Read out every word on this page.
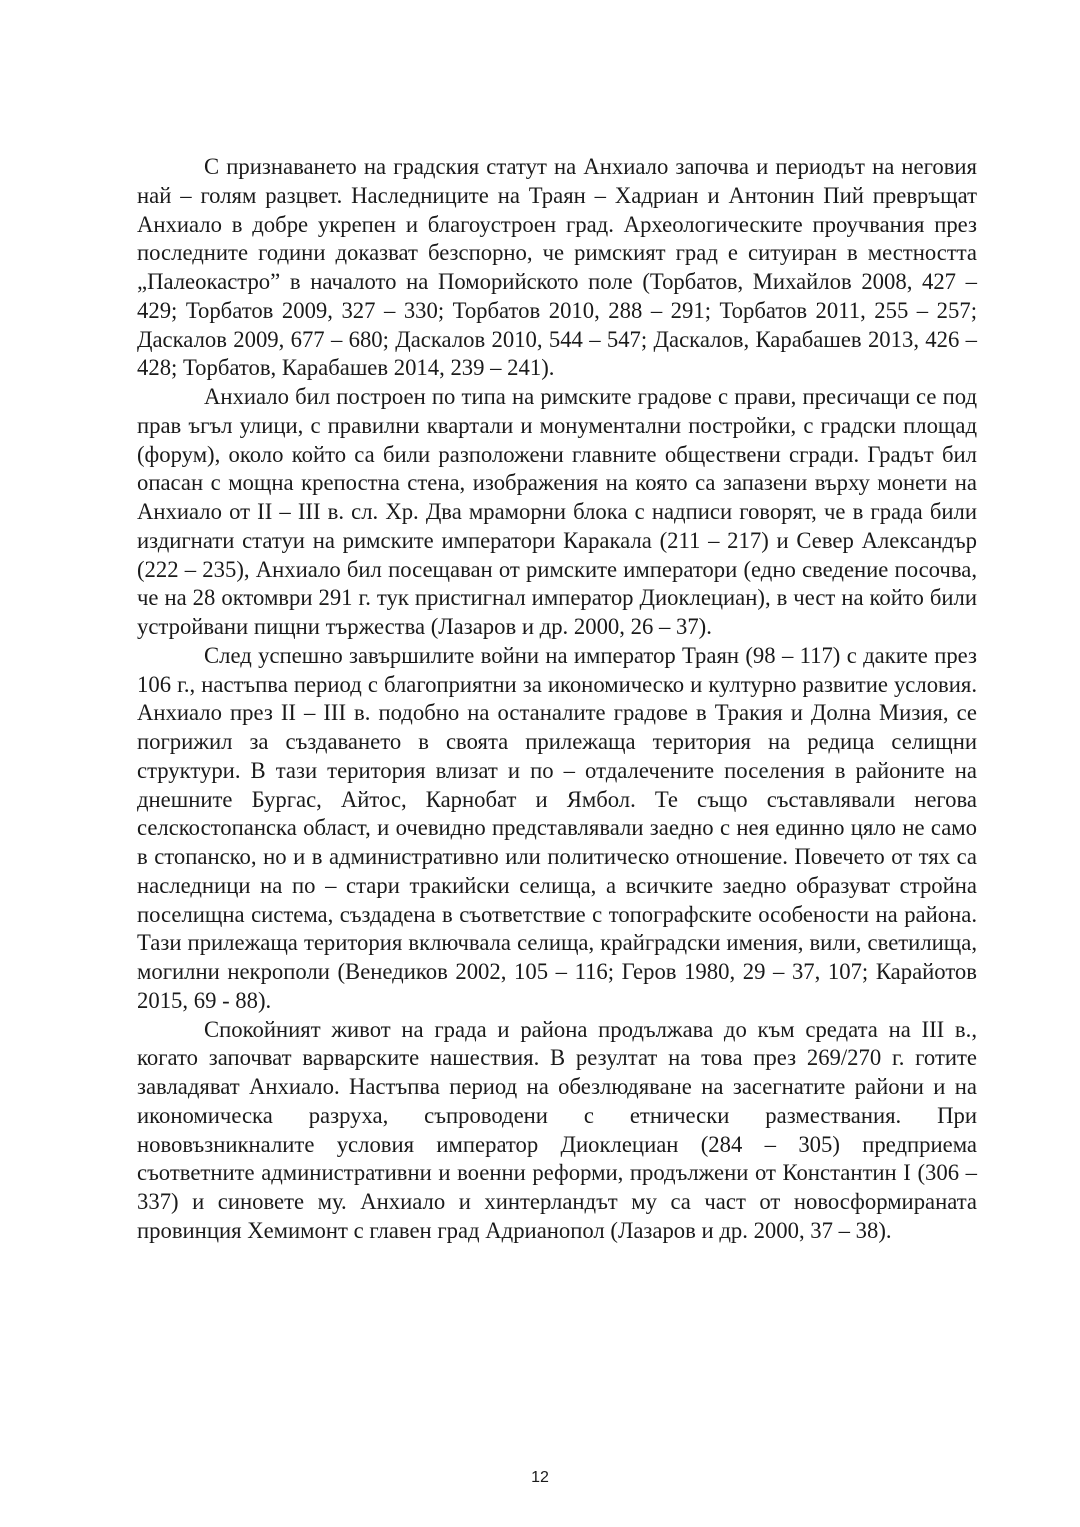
С признаването на градския статут на Анхиало започва и периодът на неговия най – голям разцвет. Наследниците на Траян – Хадриан и Антонин Пий превръщат Анхиало в добре укрепен и благоустроен град. Археологическите проучвания през последните години доказват безспорно, че римският град е ситуиран в местността „Палеокастро” в началото на Поморийското поле (Торбатов, Михайлов 2008, 427 – 429; Торбатов 2009, 327 – 330; Торбатов 2010, 288 – 291; Торбатов 2011, 255 – 257; Даскалов 2009, 677 – 680; Даскалов 2010, 544 – 547; Даскалов, Карабашев 2013, 426 – 428; Торбатов, Карабашев 2014, 239 – 241).

Анхиало бил построен по типа на римските градове с прави, пресичащи се под прав ъгъл улици, с правилни квартали и монументални постройки, с градски площад (форум), около който са били разположени главните обществени сгради. Градът бил опасан с мощна крепостна стена, изображения на която са запазени върху монети на Анхиало от II – III в. сл. Хр. Два мраморни блока с надписи говорят, че в града били издигнати статуи на римските императори Каракала (211 – 217) и Север Александър (222 – 235), Анхиало бил посещаван от римските императори (едно сведение посочва, че на 28 октомври 291 г. тук пристигнал император Диоклециан), в чест на който били устройвани пищни тържества (Лазаров и др. 2000, 26 – 37).

След успешно завършилите войни на император Траян (98 – 117) с даките през 106 г., настъпва период с благоприятни за икономическо и културно развитие условия. Анхиало през II – III в. подобно на останалите градове в Тракия и Долна Мизия, се погрижил за създаването в своята прилежаща територия на редица селищни структури. В тази територия влизат и по – отдалечените поселения в районите на днешните Бургас, Айтос, Карнобат и Ямбол. Те също съставлявали негова селскостопанска област, и очевидно представлявали заедно с нея единно цяло не само в стопанско, но и в административно или политическо отношение. Повечето от тях са наследници на по – стари тракийски селища, а всичките заедно образуват стройна поселищна система, създадена в съответствие с топографските особености на района. Тази прилежаща територия включвала селища, крайградски имения, вили, светилища, могилни некрополи (Венедиков 2002, 105 – 116; Геров 1980, 29 – 37, 107; Карайотов 2015, 69 - 88).

Спокойният живот на града и района продължава до към средата на III в., когато започват варварските нашествия. В резултат на това през 269/270 г. готите завладяват Анхиало. Настъпва период на обезлюдяване на засегнатите райони и на икономическа разруха, съпроводени с етнически размествания. При нововъзникналите условия император Диоклециан (284 – 305) предприема съответните административни и военни реформи, продължени от Константин I (306 – 337) и синовете му. Анхиало и хинтерландът му са част от новосформираната провинция Хемимонт с главен град Адрианопол (Лазаров и др. 2000, 37 – 38).

12
